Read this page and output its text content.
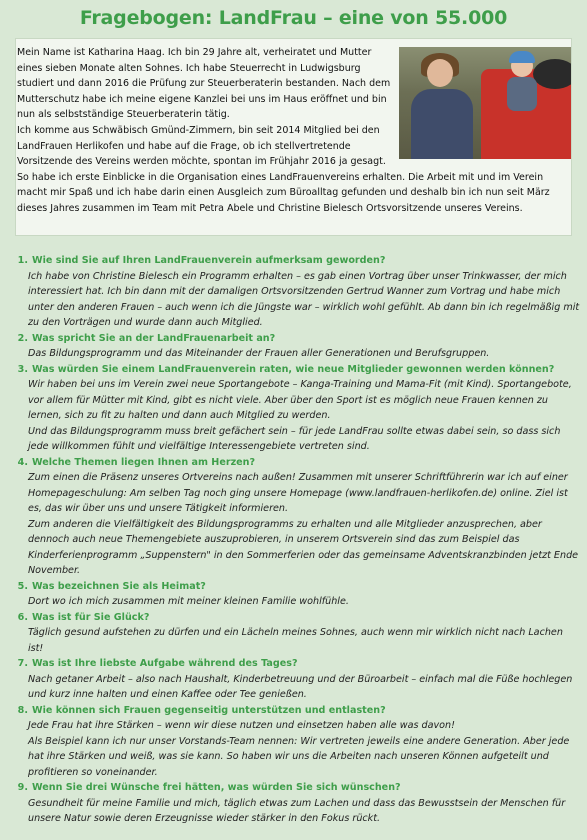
Fragebogen: LandFrau – eine von 55.000

Mein Name ist Katharina Haag. Ich bin 29 Jahre alt, verheiratet und Mutter eines sieben Monate alten Sohnes. Ich habe Steuerrecht in Ludwigsburg studiert und dann 2016 die Prüfung zur Steuerberaterin bestanden. Nach dem Mutterschutz habe ich meine eigene Kanzlei bei uns im Haus eröffnet und bin nun als selbstständige Steuerberaterin tätig.

Ich komme aus Schwäbisch Gmünd-Zimmern, bin seit 2014 Mitglied bei den LandFrauen Herlikofen und habe auf die Frage, ob ich stellvertretende Vorsitzende des Vereins werden möchte, spontan im Frühjahr 2016 ja gesagt. So habe ich erste Einblicke in die Organisation eines LandFrauenvereins erhalten. Die Arbeit mit und im Verein macht mir Spaß und ich habe darin einen Ausgleich zum Büroalltag gefunden und deshalb bin ich nun seit März dieses Jahres zusammen im Team mit Petra Abele und Christine Bielesch Ortsvorsitzende unseres Vereins.

1. Wie sind Sie auf Ihren LandFrauenverein aufmerksam geworden?

Ich habe von Christine Bielesch ein Programm erhalten – es gab einen Vortrag über unser Trinkwasser, der mich interessiert hat. Ich bin dann mit der damaligen Ortsvorsitzenden Gertrud Wanner zum Vortrag und habe mich unter den anderen Frauen – auch wenn ich die Jüngste war – wirklich wohl gefühlt. Ab dann bin ich regelmäßig mit zu den Vorträgen und wurde dann auch Mitglied.

2. Was spricht Sie an der LandFrauenarbeit an?

Das Bildungsprogramm und das Miteinander der Frauen aller Generationen und Berufsgruppen.

3. Was würden Sie einem LandFrauenverein raten, wie neue Mitglieder gewonnen werden können?

Wir haben bei uns im Verein zwei neue Sportangebote – Kanga-Training und Mama-Fit (mit Kind). Sportangebote, vor allem für Mütter mit Kind, gibt es nicht viele. Aber über den Sport ist es möglich neue Frauen kennen zu lernen, sich zu fit zu halten und dann auch Mitglied zu werden.

Und das Bildungsprogramm muss breit gefächert sein – für jede LandFrau sollte etwas dabei sein, so dass sich jede willkommen fühlt und vielfältige Interessengebiete vertreten sind.

4. Welche Themen liegen Ihnen am Herzen?

Zum einen die Präsenz unseres Ortvereins nach außen! Zusammen mit unserer Schriftführerin war ich auf einer Homepageschulung: Am selben Tag noch ging unsere Homepage (www.landfrauen-herlikofen.de) online. Ziel ist es, das wir über uns und unsere Tätigkeit informieren.

Zum anderen die Vielfältigkeit des Bildungsprogramms zu erhalten und alle Mitglieder anzusprechen, aber dennoch auch neue Themengebiete auszuprobieren, in unserem Ortsverein sind das zum Beispiel das Kinderferienprogramm „Suppenstern" in den Sommerferien oder das gemeinsame Adventskranzbinden jetzt Ende November.

5. Was bezeichnen Sie als Heimat?

Dort wo ich mich zusammen mit meiner kleinen Familie wohlfühle.

6. Was ist für Sie Glück?

Täglich gesund aufstehen zu dürfen und ein Lächeln meines Sohnes, auch wenn mir wirklich nicht nach Lachen ist!

7. Was ist Ihre liebste Aufgabe während des Tages?

Nach getaner Arbeit – also nach Haushalt, Kinderbetreuung und der Büroarbeit – einfach mal die Füße hochlegen und kurz inne halten und einen Kaffee oder Tee genießen.

8. Wie können sich Frauen gegenseitig unterstützen und entlasten?

Jede Frau hat ihre Stärken – wenn wir diese nutzen und einsetzen haben alle was davon!

Als Beispiel kann ich nur unser Vorstands-Team nennen: Wir vertreten jeweils eine andere Generation. Aber jede hat ihre Stärken und weiß, was sie kann. So haben wir uns die Arbeiten nach unseren Können aufgeteilt und profitieren so voneinander.

9. Wenn Sie drei Wünsche frei hätten, was würden Sie sich wünschen?

Gesundheit für meine Familie und mich, täglich etwas zum Lachen und dass das Bewusstsein der Menschen für unsere Natur sowie deren Erzeugnisse wieder stärker in den Fokus rückt.
